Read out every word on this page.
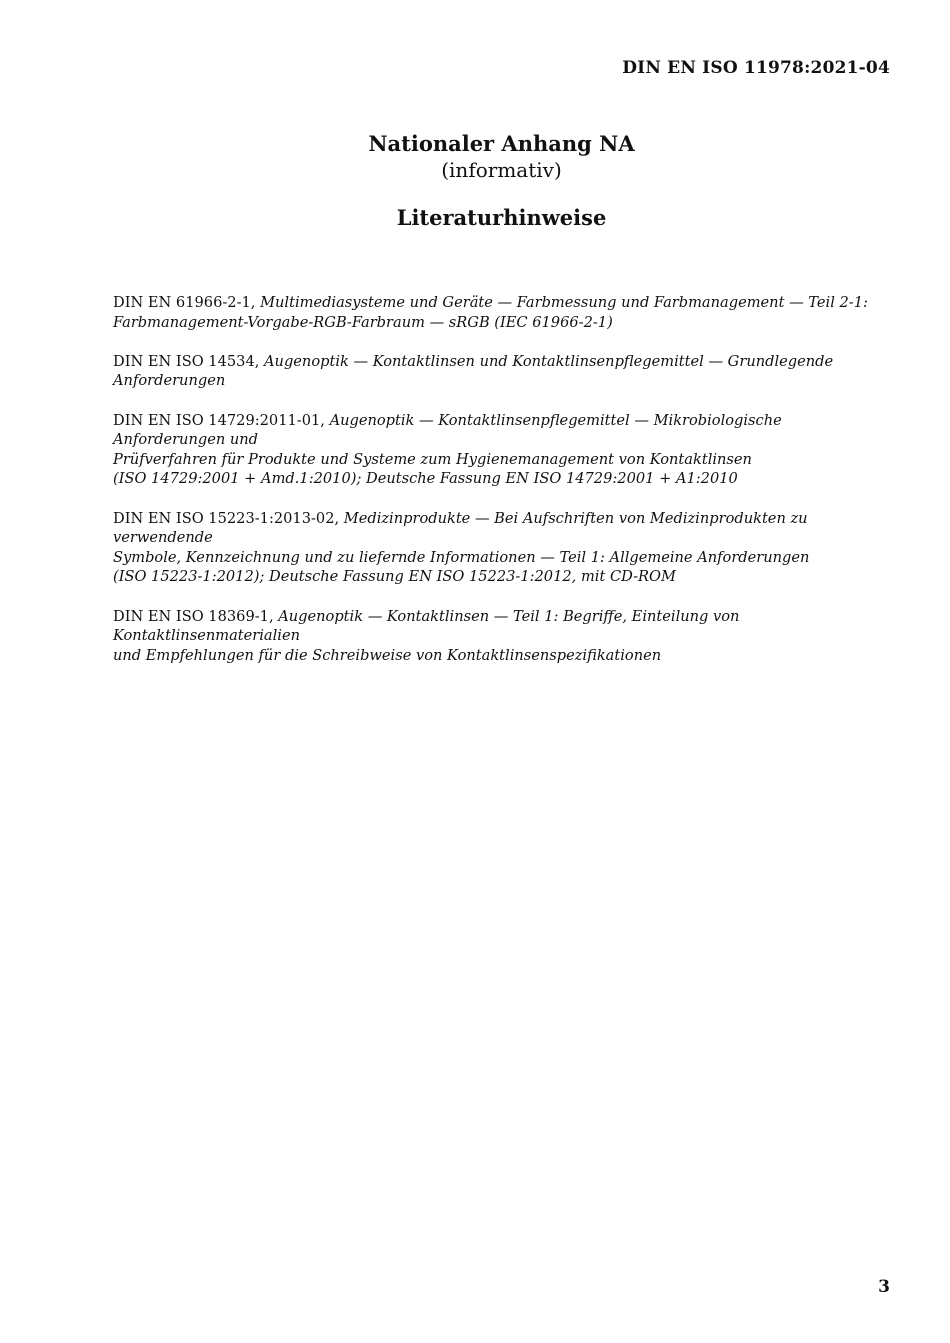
DIN EN ISO 11978:2021-04
Nationaler Anhang NA
(informativ)
Literaturhinweise
DIN EN 61966-2-1, Multimediasysteme und Geräte — Farbmessung und Farbmanagement — Teil 2-1:
Farbmanagement-Vorgabe-RGB-Farbraum — sRGB (IEC 61966-2-1)
DIN EN ISO 14534, Augenoptik — Kontaktlinsen und Kontaktlinsenpflegemittel — Grundlegende
Anforderungen
DIN EN ISO 14729:2011-01, Augenoptik — Kontaktlinsenpflegemittel — Mikrobiologische Anforderungen und
Prüfverfahren für Produkte und Systeme zum Hygienemanagement von Kontaktlinsen
(ISO 14729:2001 + Amd.1:2010); Deutsche Fassung EN ISO 14729:2001 + A1:2010
DIN EN ISO 15223-1:2013-02, Medizinprodukte — Bei Aufschriften von Medizinprodukten zu verwendende
Symbole, Kennzeichnung und zu liefernde Informationen — Teil 1: Allgemeine Anforderungen
(ISO 15223-1:2012); Deutsche Fassung EN ISO 15223-1:2012, mit CD-ROM
DIN EN ISO 18369-1, Augenoptik — Kontaktlinsen — Teil 1: Begriffe, Einteilung von Kontaktlinsenmaterialien
und Empfehlungen für die Schreibweise von Kontaktlinsenspezifikationen
3
